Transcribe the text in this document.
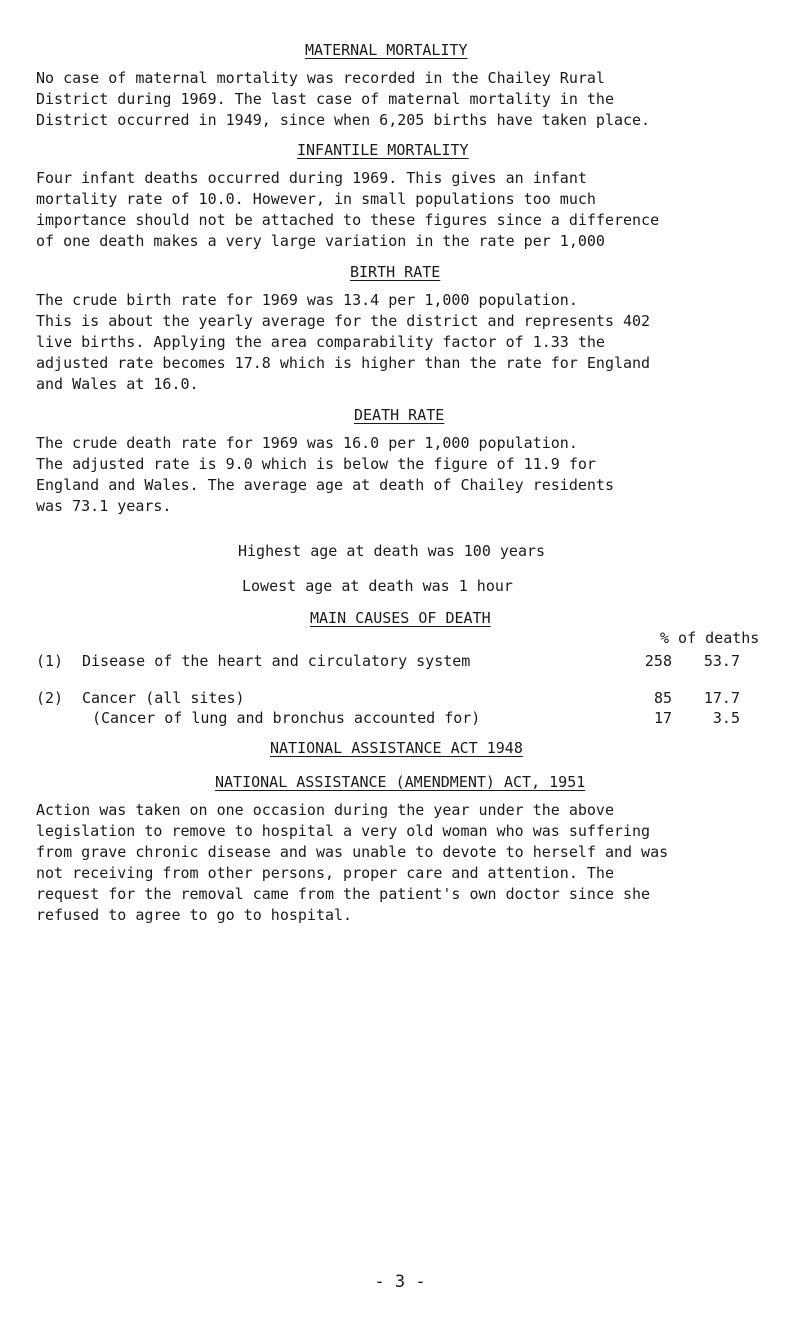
MATERNAL MORTALITY

No case of maternal mortality was recorded in the Chailey Rural
District during 1969. The last case of maternal mortality in the
District occurred in 1949, since when 6,205 births have taken place.

INFANTILE MORTALITY

Four infant deaths occurred during 1969. This gives an infant
mortality rate of 10.0. However, in small populations too much
importance should not be attached to these figures since a difference
of one death makes a very large variation in the rate per 1,000

BIRTH RATE

The crude birth rate for 1969 was 13.4 per 1,000 population.
This is about the yearly average for the district and represents 402
live births. Applying the area comparability factor of 1.33 the
adjusted rate becomes 17.8 which is higher than the rate for England
and Wales at 16.0.

DEATH RATE

The crude death rate for 1969 was 16.0 per 1,000 population.
The adjusted rate is 9.0 which is below the figure of 11.9 for
England and Wales. The average age at death of Chailey residents
was 73.1 years.

Highest age at death was 100 years
Lowest age at death was 1 hour
MAIN CAUSES OF DEATH
% of deaths
(1) Disease of the heart and circulatory system	258 53.7
(2) Cancer (all sites)	85 17.7
(Cancer of lung and bronchus accounted for)	17	3.5
NATIONAL ASSISTANCE ACT 1948
NATIONAL ASSISTANCE (AMENDMENT) ACT, 1951

Action was taken on one occasion during the year under the above
legislation to remove to hospital a very old woman who was suffering
from grave chronic disease and was unable to devote to herself and was
not receiving from other persons, proper care and attention. The
request for the removal came from the patient's own doctor since she
refused to agree to go to hospital.

- 3 -
